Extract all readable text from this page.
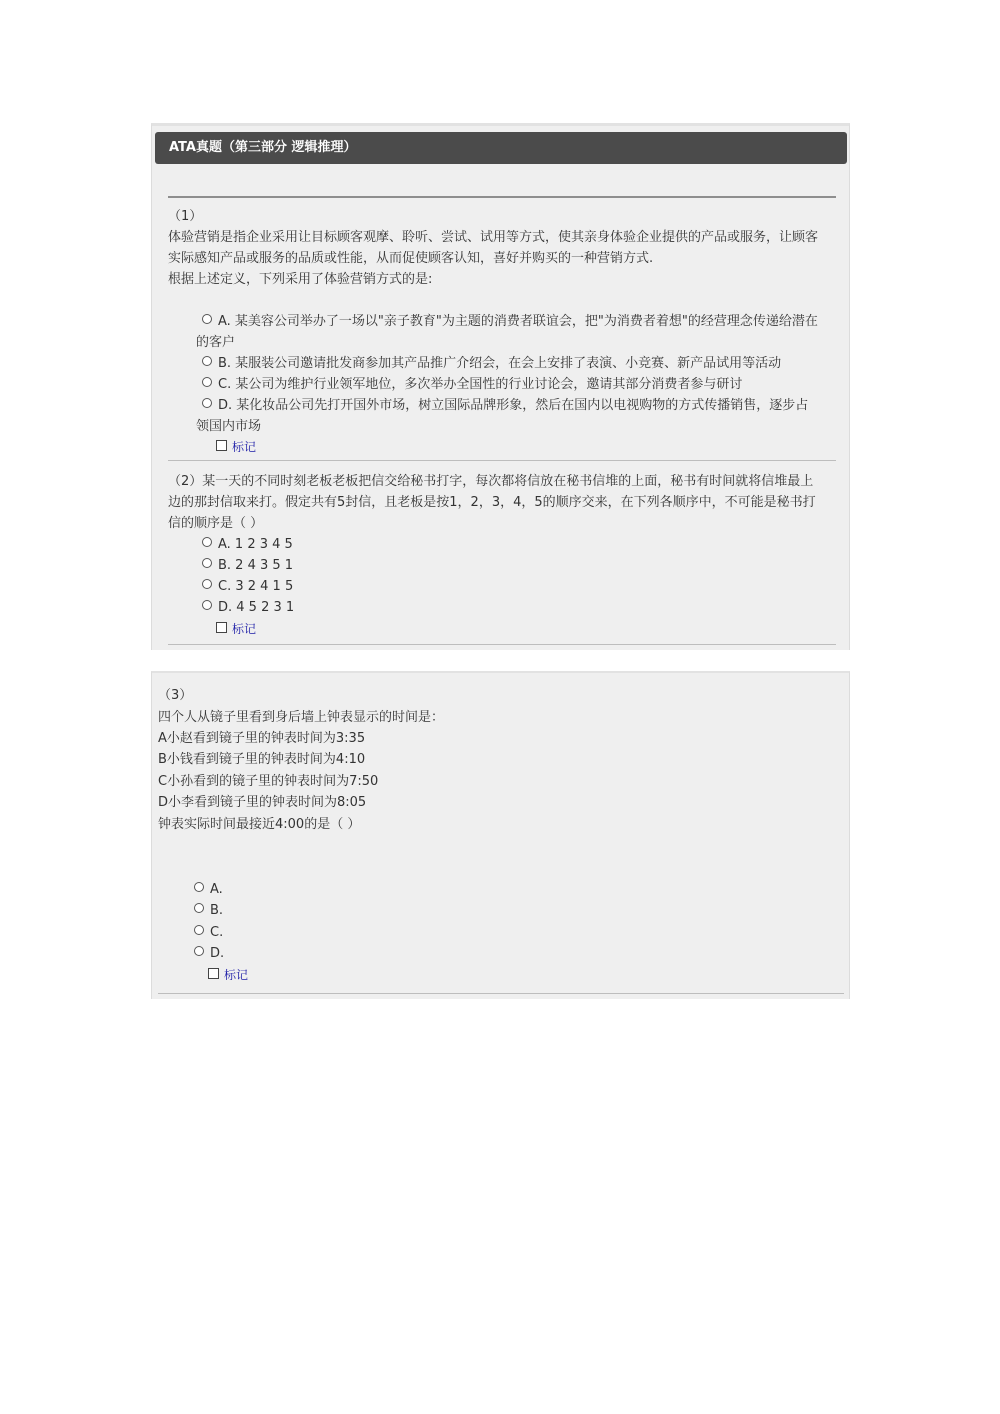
ATA真题（第三部分 逻辑推理）
（1）
体验营销是指企业采用让目标顾客观摩、聆听、尝试、试用等方式，使其亲身体验企业提供的产品或服务，让顾客
实际感知产品或服务的品质或性能，从而促使顾客认知，喜好并购买的一种营销方式.
根据上述定义，下列采用了体验营销方式的是:
A. 某美容公司举办了一场以"亲子教育"为主题的消费者联谊会，把"为消费者着想"的经营理念传递给潜在
的客户
B. 某服装公司邀请批发商参加其产品推广介绍会，在会上安排了表演、小竞赛、新产品试用等活动
C. 某公司为维护行业领军地位，多次举办全国性的行业讨论会，邀请其部分消费者参与研讨
D. 某化妆品公司先打开国外市场，树立国际品牌形象，然后在国内以电视购物的方式传播销售，逐步占
领国内市场
标记
（2）某一天的不同时刻老板老板把信交给秘书打字，每次都将信放在秘书信堆的上面，秘书有时间就将信堆最上
边的那封信取来打。假定共有5封信，且老板是按1，2，3，4，5的顺序交来，在下列各顺序中，不可能是秘书打
信的顺序是（ ）
A. 1 2 3 4 5
B. 2 4 3 5 1
C. 3 2 4 1 5
D. 4 5 2 3 1
标记
（3）
四个人从镜子里看到身后墙上钟表显示的时间是：
A小赵看到镜子里的钟表时间为3:35
B小钱看到镜子里的钟表时间为4:10
C小孙看到的镜子里的钟表时间为7:50
D小李看到镜子里的钟表时间为8:05
钟表实际时间最接近4:00的是（ ）
A.
B.
C.
D.
标记
